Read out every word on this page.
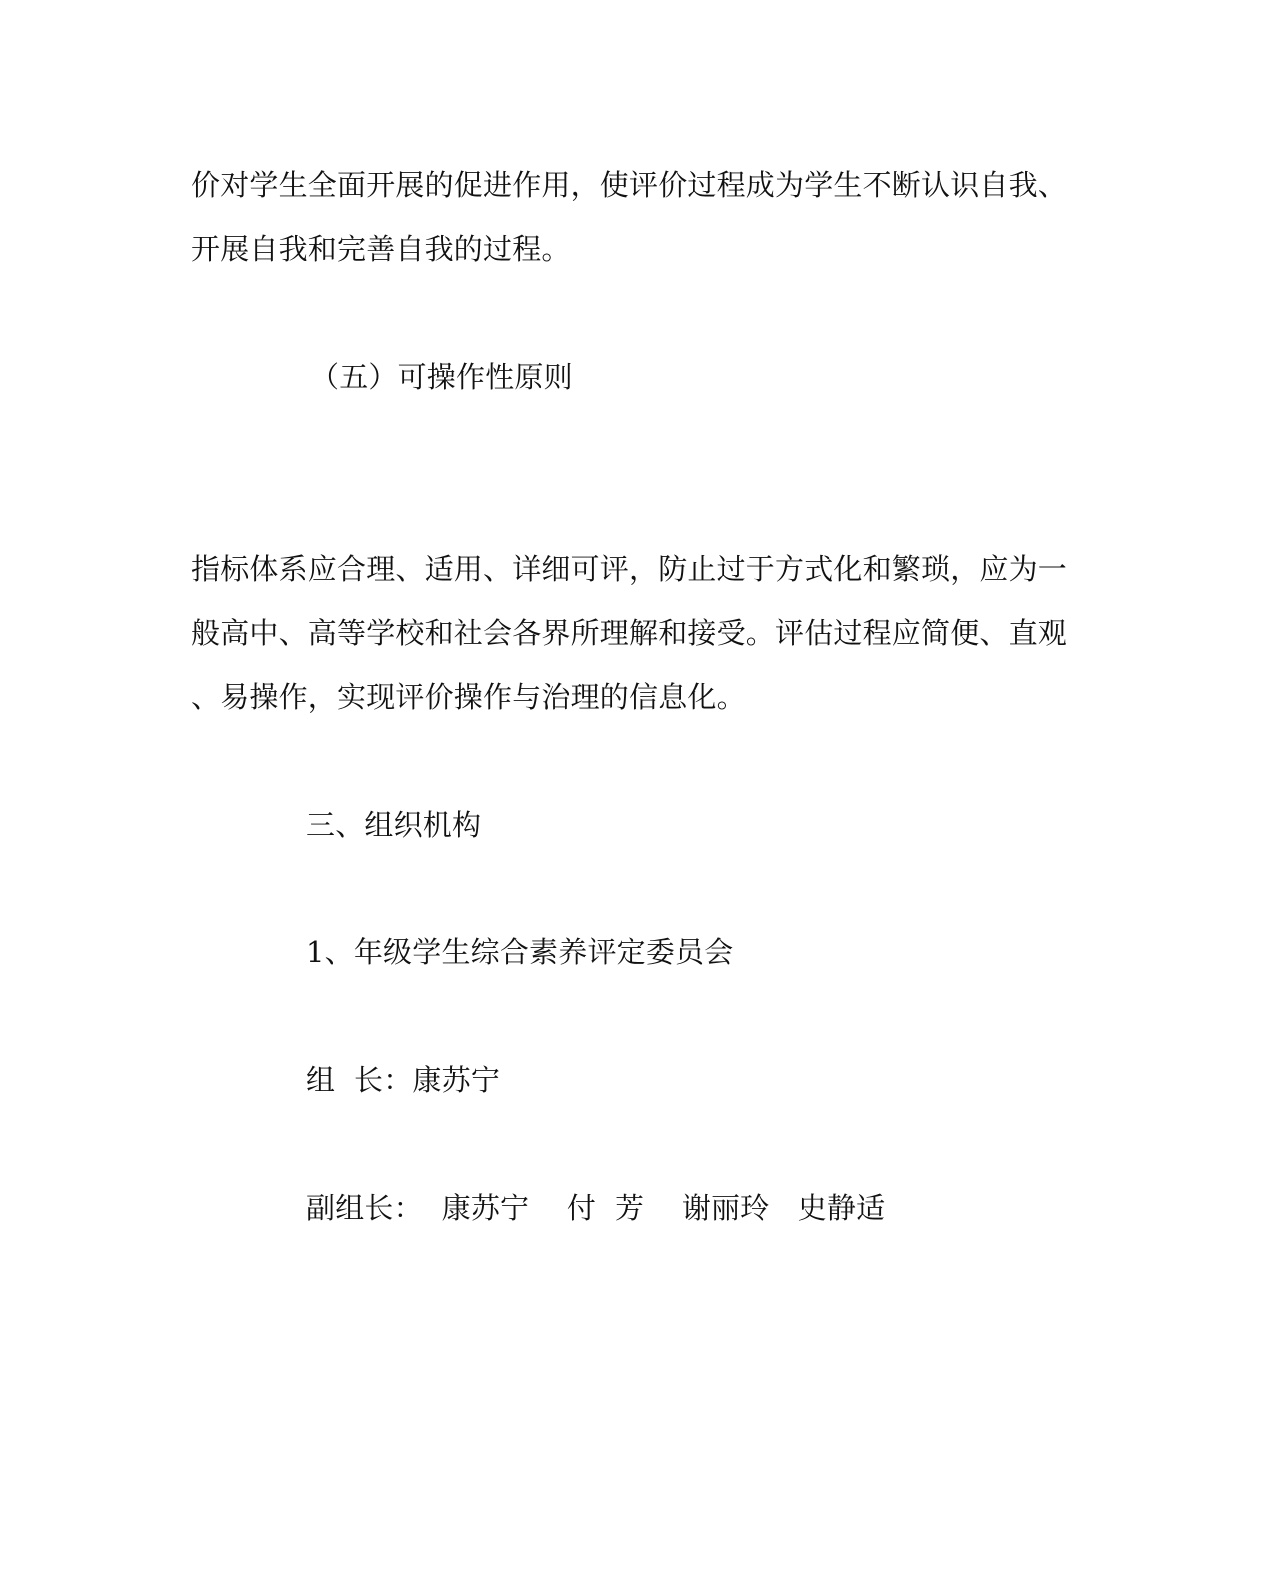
价对学生全面开展的促进作用，使评价过程成为学生不断认识自我、
开展自我和完善自我的过程。
（五）可操作性原则
指标体系应合理、适用、详细可评，防止过于方式化和繁琐，应为一
般高中、高等学校和社会各界所理解和接受。评估过程应简便、直观
、易操作，实现评价操作与治理的信息化。
三、组织机构
1、年级学生综合素养评定委员会
组  长：康苏宁
副组长：  康苏宁    付  芳    谢丽玲   史静适
